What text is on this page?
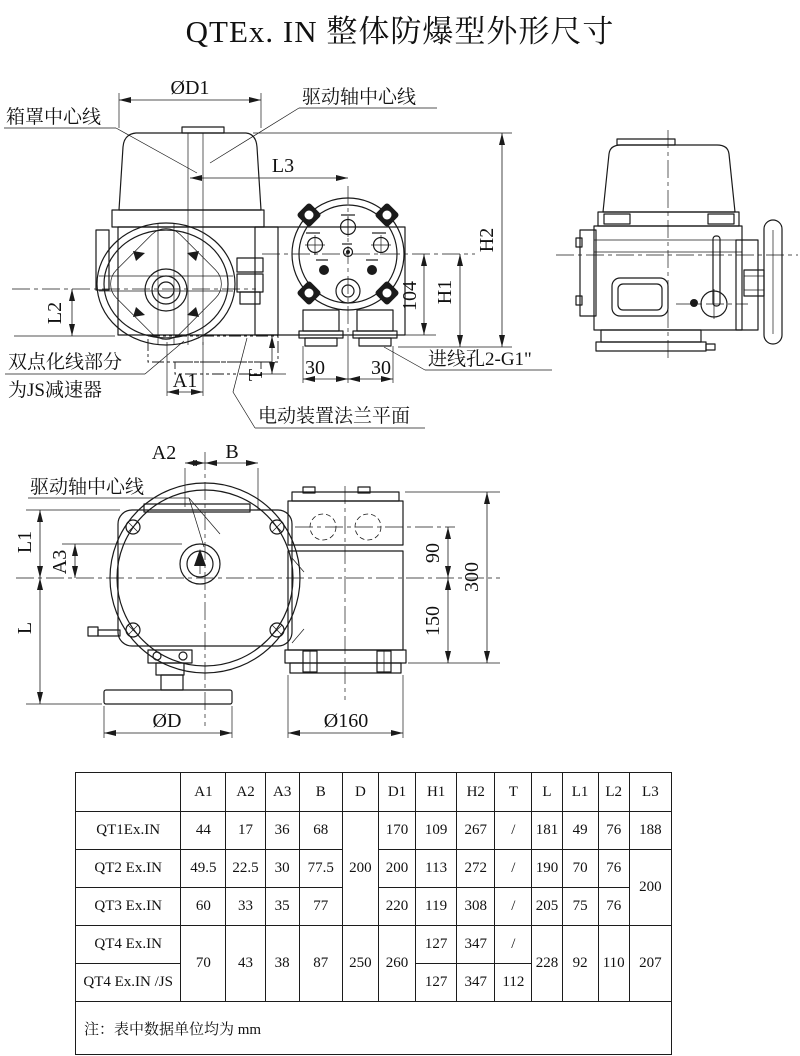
QTEx. IN 整体防爆型外形尺寸
ØD1
箱罩中心线
驱动轴中心线
L3
H2
H1
104
L2
双点化线部分
为JS减速器	A1 T 30 30 进线孔2-G1"
电动装置法兰平面
A2 B
驱动轴中心线
L1
A3
L
90
150
300
ØD	Ø160
	A1	A2	A3	B	D	D1	H1	H2	T	L	L1	L2	L3
QT1Ex.IN	44	17	36	68	200	170	109	267	/	181	49	76	188
QT2 Ex.IN	49.5	22.5	30	77.5		200	113	272	/	190	70	76	200
QT3 Ex.IN	60	33	35	77		220	119	308	/	205	75	76	
QT4 Ex.IN	70	43	38	87	250	260	127	347	/	228	92	110	207
QT4 Ex.IN /JS							127	347	112				
注：表中数据单位均为 mm													
